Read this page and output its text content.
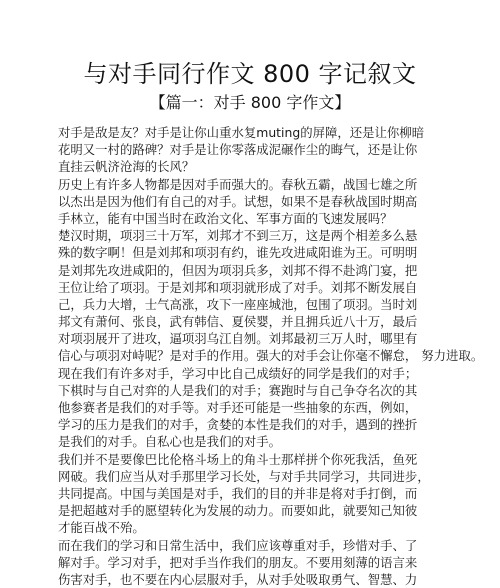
与对手同行作文 800 字记叙文
【篇一：对手 800 字作文】
对手是敌是友？对手是让你山重水复muting的屏障，还是让你柳暗
花明又一村的路碑？对手是让你零落成泥碾作尘的晦气，还是让你
直挂云帆济沧海的长风？
历史上有许多人物都是因对手而强大的。春秋五霸，战国七雄之所
以杰出是因为他们有自己的对手。试想，如果不是春秋战国时期高
手林立，能有中国当时在政治文化、军事方面的飞速发展吗？
楚汉时期，项羽三十万军，刘邦才不到三万，这是两个相差多么悬
殊的数字啊！但是刘邦和项羽有约，谁先攻进咸阳谁为王。可明明
是刘邦先攻进咸阳的，但因为项羽兵多，刘邦不得不赴鸿门宴，把
王位让给了项羽。于是刘邦和项羽就形成了对手。刘邦不断发展自
己，兵力大增，士气高涨，攻下一座座城池，包围了项羽。当时刘
邦文有萧何、张良，武有韩信、夏侯婴，并且拥兵近八十万，最后
对项羽展开了进攻，逼项羽乌江自刎。刘邦最初三万人时，哪里有
信心与项羽对峙呢？是对手的作用。强大的对手会让你毫不懈怠， 努力进取。
现在我们有许多对手，学习中比自己成绩好的同学是我们的对手；
下棋时与自己对弈的人是我们的对手；赛跑时与自己争夺名次的其
他参赛者是我们的对手等。对手还可能是一些抽象的东西，例如，
学习的压力是我们的对手，贪婪的本性是我们的对手，遇到的挫折
是我们的对手。自私心也是我们的对手。
我们并不是要像巴比伦格斗场上的角斗士那样拼个你死我活，鱼死
网破。我们应当从对手那里学习长处，与对手共同学习，共同进步，
共同提高。中国与美国是对手，我们的目的并非是将对手打倒，而
是把超越对手的愿望转化为发展的动力。而要如此，就要知己知彼
才能百战不殆。
而在我们的学习和日常生活中，我们应该尊重对手，珍惜对手、了
解对手。学习对手，把对手当作我们的朋友。不要用刻薄的语言来
伤害对手，也不要在内心层服对手，从对手处吸取勇气、智慧、力
